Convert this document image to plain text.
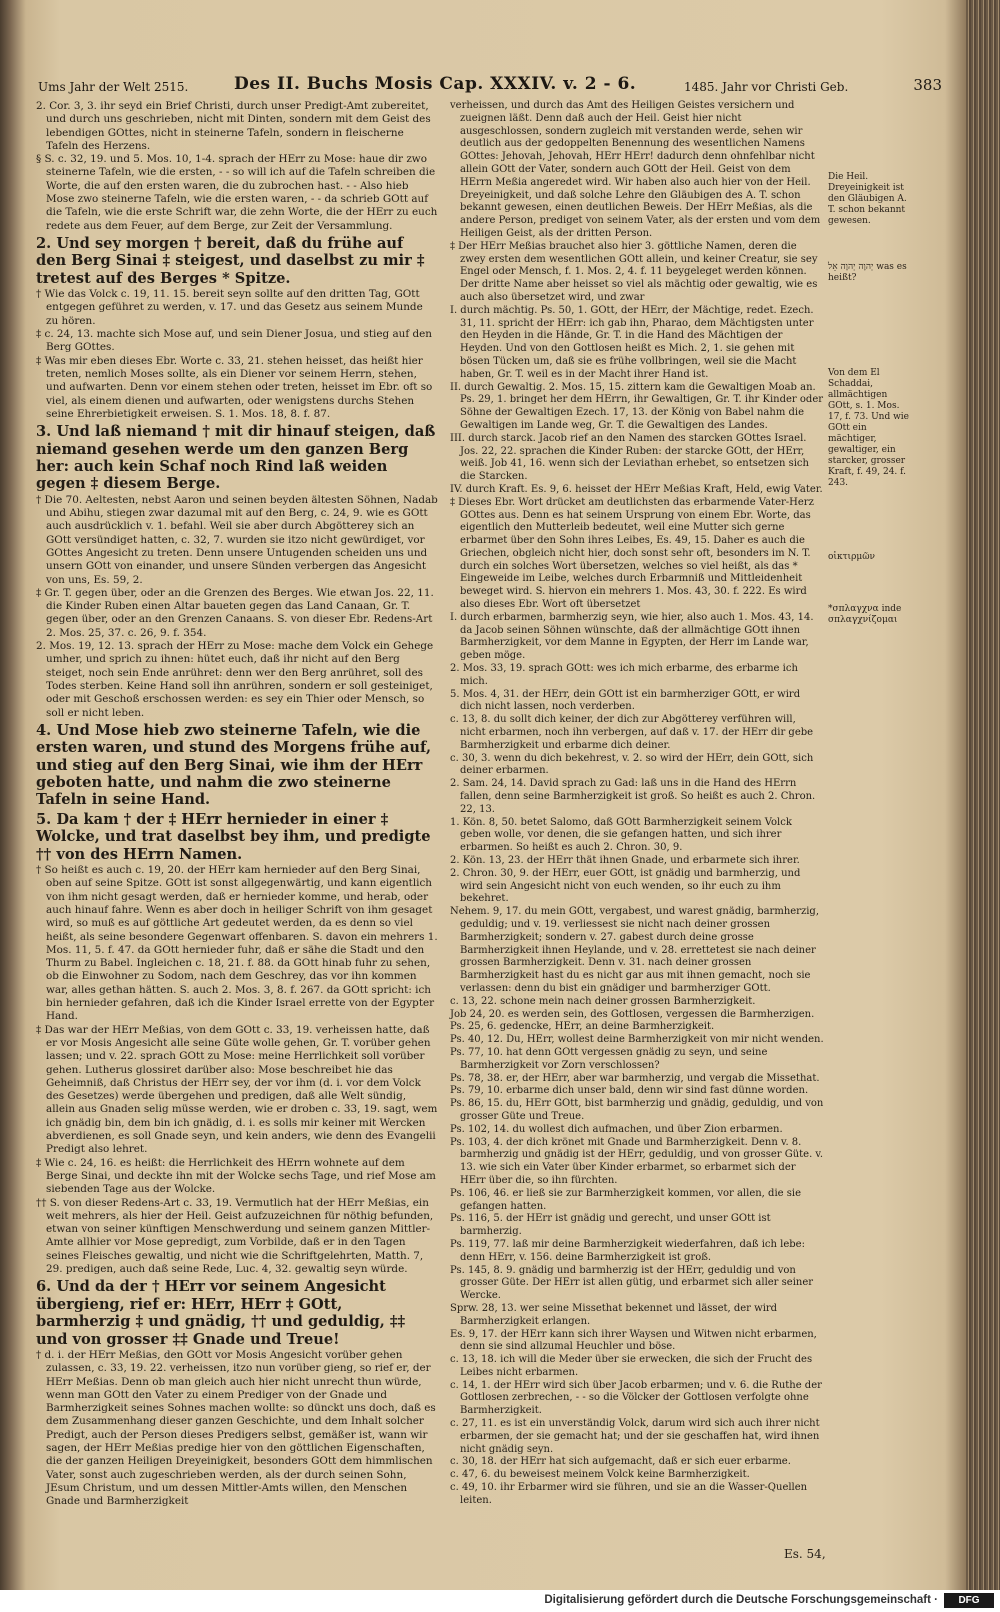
Ums Jahr der Welt 2515.	Des II. Buchs Mosis Cap. XXXIV. v. 2 - 6.	1485. Jahr vor Christi Geb.	383

2. Cor. 3, 3. ihr seyd ein Brief Christi, durch unser Predigt-Amt zubereitet, und durch uns geschrieben, nicht mit Dinten, sondern mit dem Geist des lebendigen GOttes, nicht in steinerne Tafeln, sondern in fleischerne Tafeln des Herzens.

§ S. c. 32, 19. und 5. Mos. 10, 1-4. sprach der HErr zu Mose: haue dir zwo steinerne Tafeln, wie die ersten, - - so will ich auf die Tafeln schreiben die Worte, die auf den ersten waren, die du zubrochen hast. - - Also hieb Mose zwo steinerne Tafeln, wie die ersten waren, - - da schrieb GOtt auf die Tafeln, wie die erste Schrift war, die zehn Worte, die der HErr zu euch redete aus dem Feuer, auf dem Berge, zur Zeit der Versammlung.

2. Und sey morgen † bereit, daß du frühe auf den Berg Sinai ‡ steigest, und daselbst zu mir ‡ tretest auf des Berges * Spitze.

† Wie das Volck c. 19, 11. 15. bereit seyn sollte auf den dritten Tag, GOtt entgegen geführet zu werden, v. 17. und das Gesetz aus seinem Munde zu hören.

‡ c. 24, 13. machte sich Mose auf, und sein Diener Josua, und stieg auf den Berg GOttes.

‡ Was mir eben dieses Ebr. Worte c. 33, 21. stehen heisset, das heißt hier treten, nemlich Moses sollte, als ein Diener vor seinem Herrn, stehen, und aufwarten. Denn vor einem stehen oder treten, heisset im Ebr. oft so viel, als einem dienen und aufwarten, oder wenigstens durchs Stehen seine Ehrerbietigkeit erweisen. S. 1. Mos. 18, 8. f. 87.

3. Und laß niemand † mit dir hinauf steigen, daß niemand gesehen werde um den ganzen Berg her: auch kein Schaf noch Rind laß weiden gegen ‡ diesem Berge.

† Die 70. Aeltesten, nebst Aaron und seinen beyden ältesten Söhnen, Nadab und Abihu, stiegen zwar dazumal mit auf den Berg, c. 24, 9. wie es GOtt auch ausdrücklich v. 1. befahl. Weil sie aber durch Abgötterey sich an GOtt versündiget hatten, c. 32, 7. wurden sie itzo nicht gewürdiget, vor GOttes Angesicht zu treten. Denn unsere Untugenden scheiden uns und unsern GOtt von einander, und unsere Sünden verbergen das Angesicht von uns, Es. 59, 2.

‡ Gr. T. gegen über, oder an die Grenzen des Berges. Wie etwan Jos. 22, 11. die Kinder Ruben einen Altar baueten gegen das Land Canaan, Gr. T. gegen über, oder an den Grenzen Canaans. S. von dieser Ebr. Redens-Art 2. Mos. 25, 37. c. 26, 9. f. 354.

2. Mos. 19, 12. 13. sprach der HErr zu Mose: mache dem Volck ein Gehege umher, und sprich zu ihnen: hütet euch, daß ihr nicht auf den Berg steiget, noch sein Ende anrühret: denn wer den Berg anrühret, soll des Todes sterben. Keine Hand soll ihn anrühren, sondern er soll gesteiniget, oder mit Geschoß erschossen werden: es sey ein Thier oder Mensch, so soll er nicht leben.

4. Und Mose hieb zwo steinerne Tafeln, wie die ersten waren, und stund des Morgens frühe auf, und stieg auf den Berg Sinai, wie ihm der HErr geboten hatte, und nahm die zwo steinerne Tafeln in seine Hand.

5. Da kam † der ‡ HErr hernieder in einer ‡ Wolcke, und trat daselbst bey ihm, und predigte †† von des HErrn Namen.

† So heißt es auch c. 19, 20. der HErr kam hernieder auf den Berg Sinai, oben auf seine Spitze. GOtt ist sonst allgegenwärtig, und kann eigentlich von ihm nicht gesagt werden, daß er hernieder komme, und herab, oder auch hinauf fahre. Wenn es aber doch in heiliger Schrift von ihm gesaget wird, so muß es auf göttliche Art gedeutet werden, da es denn so viel heißt, als seine besondere Gegenwart offenbaren. S. davon ein mehrers 1. Mos. 11, 5. f. 47. da GOtt hernieder fuhr, daß er sähe die Stadt und den Thurm zu Babel. Ingleichen c. 18, 21. f. 88. da GOtt hinab fuhr zu sehen, ob die Einwohner zu Sodom, nach dem Geschrey, das vor ihn kommen war, alles gethan hätten. S. auch 2. Mos. 3, 8. f. 267. da GOtt spricht: ich bin hernieder gefahren, daß ich die Kinder Israel errette von der Egypter Hand.

‡ Das war der HErr Meßias, von dem GOtt c. 33, 19. verheissen hatte, daß er vor Mosis Angesicht alle seine Güte wolle gehen, Gr. T. vorüber gehen lassen; und v. 22. sprach GOtt zu Mose: meine Herrlichkeit soll vorüber gehen. Lutherus glossiret darüber also: Mose beschreibet hie das Geheimniß, daß Christus der HErr sey, der vor ihm (d. i. vor dem Volck des Gesetzes) werde übergehen und predigen, daß alle Welt sündig, allein aus Gnaden selig müsse werden, wie er droben c. 33, 19. sagt, wem ich gnädig bin, dem bin ich gnädig, d. i. es solls mir keiner mit Wercken abverdienen, es soll Gnade seyn, und kein anders, wie denn des Evangelii Predigt also lehret.

‡ Wie c. 24, 16. es heißt: die Herrlichkeit des HErrn wohnete auf dem Berge Sinai, und deckte ihn mit der Wolcke sechs Tage, und rief Mose am siebenden Tage aus der Wolcke.

†† S. von dieser Redens-Art c. 33, 19. Vermutlich hat der HErr Meßias, ein weit mehrers, als hier der Heil. Geist aufzuzeichnen für nöthig befunden, etwan von seiner künftigen Menschwerdung und seinem ganzen Mittler-Amte allhier vor Mose gepredigt, zum Vorbilde, daß er in den Tagen seines Fleisches gewaltig, und nicht wie die Schriftgelehrten, Matth. 7, 29. predigen, auch daß seine Rede, Luc. 4, 32. gewaltig seyn würde.

6. Und da der † HErr vor seinem Angesicht übergieng, rief er: HErr, HErr ‡ GOtt, barmherzig ‡ und gnädig, †† und geduldig, ‡‡ und von grosser ‡‡ Gnade und Treue!

† d. i. der HErr Meßias, den GOtt vor Mosis Angesicht vorüber gehen zulassen, c. 33, 19. 22. verheissen, itzo nun vorüber gieng, so rief er, der HErr Meßias. Denn ob man gleich auch hier nicht unrecht thun würde, wenn man GOtt den Vater zu einem Prediger von der Gnade und Barmherzigkeit seines Sohnes machen wollte: so dünckt uns doch, daß es dem Zusammenhang dieser ganzen Geschichte, und dem Inhalt solcher Predigt, auch der Person dieses Predigers selbst, gemäßer ist, wann wir sagen, der HErr Meßias predige hier von den göttlichen Eigenschaften, die der ganzen Heiligen Dreyeinigkeit, besonders GOtt dem himmlischen Vater, sonst auch zugeschrieben werden, als der durch seinen Sohn, JEsum Christum, und um dessen Mittler-Amts willen, den Menschen Gnade und Barmherzigkeit

verheissen, und durch das Amt des Heiligen Geistes versichern und zueignen läßt. Denn daß auch der Heil. Geist hier nicht ausgeschlossen, sondern zugleich mit verstanden werde, sehen wir deutlich aus der gedoppelten Benennung des wesentlichen Namens GOttes: Jehovah, Jehovah, HErr HErr! dadurch denn ohnfehlbar nicht allein GOtt der Vater, sondern auch GOtt der Heil. Geist von dem HErrn Meßia angeredet wird. Wir haben also auch hier von der Heil. Dreyeinigkeit, und daß solche Lehre den Gläubigen des A. T. schon bekannt gewesen, einen deutlichen Beweis. Der HErr Meßias, als die andere Person, prediget von seinem Vater, als der ersten und vom dem Heiligen Geist, als der dritten Person.

‡ Der HErr Meßias brauchet also hier 3. göttliche Namen, deren die zwey ersten dem wesentlichen GOtt allein, und keiner Creatur, sie sey Engel oder Mensch, f. 1. Mos. 2, 4. f. 11 beygeleget werden können. Der dritte Name aber heisset so viel als mächtig oder gewaltig, wie es auch also übersetzet wird, und zwar

I. durch mächtig. Ps. 50, 1. GOtt, der HErr, der Mächtige, redet. Ezech. 31, 11. spricht der HErr: ich gab ihn, Pharao, dem Mächtigsten unter den Heyden in die Hände, Gr. T. in die Hand des Mächtigen der Heyden. Und von den Gottlosen heißt es Mich. 2, 1. sie gehen mit bösen Tücken um, daß sie es frühe vollbringen, weil sie die Macht haben, Gr. T. weil es in der Macht ihrer Hand ist.

II. durch Gewaltig. 2. Mos. 15, 15. zittern kam die Gewaltigen Moab an. Ps. 29, 1. bringet her dem HErrn, ihr Gewaltigen, Gr. T. ihr Kinder oder Söhne der Gewaltigen Ezech. 17, 13. der König von Babel nahm die Gewaltigen im Lande weg, Gr. T. die Gewaltigen des Landes.

III. durch starck. Jacob rief an den Namen des starcken GOttes Israel. Jos. 22, 22. sprachen die Kinder Ruben: der starcke GOtt, der HErr, weiß. Job 41, 16. wenn sich der Leviathan erhebet, so entsetzen sich die Starcken.

IV. durch Kraft. Es. 9, 6. heisset der HErr Meßias Kraft, Held, ewig Vater.

‡ Dieses Ebr. Wort drücket am deutlichsten das erbarmende Vater-Herz GOttes aus. Denn es hat seinem Ursprung von einem Ebr. Worte, das eigentlich den Mutterleib bedeutet, weil eine Mutter sich gerne erbarmet über den Sohn ihres Leibes, Es. 49, 15. Daher es auch die Griechen, obgleich nicht hier, doch sonst sehr oft, besonders im N. T. durch ein solches Wort übersetzen, welches so viel heißt, als das * Eingeweide im Leibe, welches durch Erbarmniß und Mittleidenheit beweget wird. S. hiervon ein mehrers 1. Mos. 43, 30. f. 222. Es wird also dieses Ebr. Wort oft übersetzet

I. durch erbarmen, barmherzig seyn, wie hier, also auch 1. Mos. 43, 14. da Jacob seinen Söhnen wünschte, daß der allmächtige GOtt ihnen Barmherzigkeit, vor dem Manne in Egypten, der Herr im Lande war, geben möge.

2. Mos. 33, 19. sprach GOtt: wes ich mich erbarme, des erbarme ich mich.

5. Mos. 4, 31. der HErr, dein GOtt ist ein barmherziger GOtt, er wird dich nicht lassen, noch verderben.

c. 13, 8. du sollt dich keiner, der dich zur Abgötterey verführen will, nicht erbarmen, noch ihn verbergen, auf daß v. 17. der HErr dir gebe Barmherzigkeit und erbarme dich deiner.

c. 30, 3. wenn du dich bekehrest, v. 2. so wird der HErr, dein GOtt, sich deiner erbarmen.

2. Sam. 24, 14. David sprach zu Gad: laß uns in die Hand des HErrn fallen, denn seine Barmherzigkeit ist groß. So heißt es auch 2. Chron. 22, 13.

1. Kön. 8, 50. betet Salomo, daß GOtt Barmherzigkeit seinem Volck geben wolle, vor denen, die sie gefangen hatten, und sich ihrer erbarmen. So heißt es auch 2. Chron. 30, 9.

2. Kön. 13, 23. der HErr thät ihnen Gnade, und erbarmete sich ihrer.

2. Chron. 30, 9. der HErr, euer GOtt, ist gnädig und barmherzig, und wird sein Angesicht nicht von euch wenden, so ihr euch zu ihm bekehret.

Nehem. 9, 17. du mein GOtt, vergabest, und warest gnädig, barmherzig, geduldig; und v. 19. verliessest sie nicht nach deiner grossen Barmherzigkeit; sondern v. 27. gabest durch deine grosse Barmherzigkeit ihnen Heylande, und v. 28. errettetest sie nach deiner grossen Barmherzigkeit. Denn v. 31. nach deiner grossen Barmherzigkeit hast du es nicht gar aus mit ihnen gemacht, noch sie verlassen: denn du bist ein gnädiger und barmherziger GOtt.

c. 13, 22. schone mein nach deiner grossen Barmherzigkeit.

Job 24, 20. es werden sein, des Gottlosen, vergessen die Barmherzigen.

Ps. 25, 6. gedencke, HErr, an deine Barmherzigkeit.

Ps. 40, 12. Du, HErr, wollest deine Barmherzigkeit von mir nicht wenden.

Ps. 77, 10. hat denn GOtt vergessen gnädig zu seyn, und seine Barmherzigkeit vor Zorn verschlossen?

Ps. 78, 38. er, der HErr, aber war barmherzig, und vergab die Missethat.

Ps. 79, 10. erbarme dich unser bald, denn wir sind fast dünne worden.

Ps. 86, 15. du, HErr GOtt, bist barmherzig und gnädig, geduldig, und von grosser Güte und Treue.

Ps. 102, 14. du wollest dich aufmachen, und über Zion erbarmen.

Ps. 103, 4. der dich krönet mit Gnade und Barmherzigkeit. Denn v. 8. barmherzig und gnädig ist der HErr, geduldig, und von grosser Güte. v. 13. wie sich ein Vater über Kinder erbarmet, so erbarmet sich der HErr über die, so ihn fürchten.

Ps. 106, 46. er ließ sie zur Barmherzigkeit kommen, vor allen, die sie gefangen hatten.

Ps. 116, 5. der HErr ist gnädig und gerecht, und unser GOtt ist barmherzig.

Ps. 119, 77. laß mir deine Barmherzigkeit wiederfahren, daß ich lebe: denn HErr, v. 156. deine Barmherzigkeit ist groß.

Ps. 145, 8. 9. gnädig und barmherzig ist der HErr, geduldig und von grosser Güte. Der HErr ist allen gütig, und erbarmet sich aller seiner Wercke.

Sprw. 28, 13. wer seine Missethat bekennet und lässet, der wird Barmherzigkeit erlangen.

Es. 9, 17. der HErr kann sich ihrer Waysen und Witwen nicht erbarmen, denn sie sind allzumal Heuchler und böse.

c. 13, 18. ich will die Meder über sie erwecken, die sich der Frucht des Leibes nicht erbarmen.

c. 14, 1. der HErr wird sich über Jacob erbarmen; und v. 6. die Ruthe der Gottlosen zerbrechen, - - so die Völcker der Gottlosen verfolgte ohne Barmherzigkeit.

c. 27, 11. es ist ein unverständig Volck, darum wird sich auch ihrer nicht erbarmen, der sie gemacht hat; und der sie geschaffen hat, wird ihnen nicht gnädig seyn.

c. 30, 18. der HErr hat sich aufgemacht, daß er sich euer erbarme.

c. 47, 6. du beweisest meinem Volck keine Barmherzigkeit.

c. 49, 10. ihr Erbarmer wird sie führen, und sie an die Wasser-Quellen leiten.

Die Heil. Dreyeinigkeit ist den Gläubigen A. T. schon bekannt gewesen.

יְהוָה יְהוָה אֵל was es heißt?

Von dem El Schaddai, allmächtigen GOtt, s. 1. Mos. 17, f. 73. Und wie GOtt ein mächtiger, gewaltiger, ein starcker, grosser Kraft, f. 49, 24. f. 243.

οἰκτιρμῶν

*σπλαγχνα inde σπλαγχνίζομαι

Es. 54,
Digitalisierung gefördert durch die Deutsche Forschungsgemeinschaft ·	DFG
